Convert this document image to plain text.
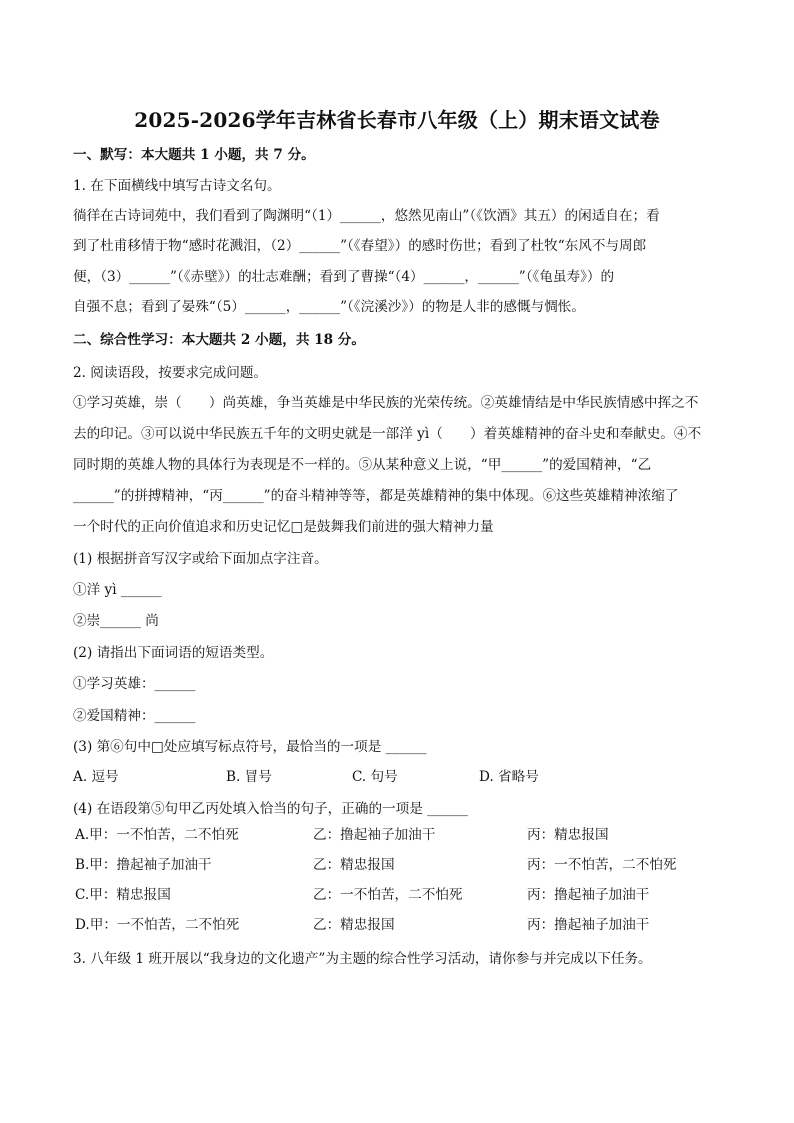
2025-2026学年吉林省长春市八年级（上）期末语文试卷
一、默写：本大题共 1 小题，共 7 分。
1. 在下面横线中填写古诗文名句。
徜徉在古诗词苑中，我们看到了陶渊明“（1）______，悠然见南山”（《饮酒》其五）的闲适自在；看
到了杜甫移情于物“感时花溅泪，（2）______”（《春望》）的感时伤世；看到了杜牧“东风不与周郎
便，（3）______”（《赤壁》）的壮志难酬；看到了曹操“（4）______，______”（《龟虽寿》）的
自强不息；看到了晏殊“（5）______，______”（《浣溪沙》）的物是人非的感慨与惆怅。
二、综合性学习：本大题共 2 小题，共 18 分。
2. 阅读语段，按要求完成问题。
①学习英雄，崇（　　）尚英雄，争当英雄是中华民族的光荣传统。②英雄情结是中华民族情感中挥之不
去的印记。③可以说中华民族五千年的文明史就是一部洋 yì（　　）着英雄精神的奋斗史和奉献史。④不
同时期的英雄人物的具体行为表现是不一样的。⑤从某种意义上说，“甲______”的爱国精神，“乙
______”的拼搏精神，“丙______”的奋斗精神等等，都是英雄精神的集中体现。⑥这些英雄精神浓缩了
一个时代的正向价值追求和历史记忆□是鼓舞我们前进的强大精神力量
(1) 根据拼音写汉字或给下面加点字注音。
①洋 yì ______
②崇______ 尚
(2) 请指出下面词语的短语类型。
①学习英雄：______
②爱国精神：______
(3) 第⑥句中□处应填写标点符号，最恰当的一项是 ______
A. 逗号	B. 冒号	C. 句号	D. 省略号
(4) 在语段第⑤句甲乙丙处填入恰当的句子，正确的一项是 ______
A.甲：一不怕苦，二不怕死	乙：撸起袖子加油干	丙：精忠报国
B.甲：撸起袖子加油干	乙：精忠报国	丙：一不怕苦，二不怕死
C.甲：精忠报国	乙：一不怕苦，二不怕死	丙：撸起袖子加油干
D.甲：一不怕苦，二不怕死	乙：精忠报国	丙：撸起袖子加油干
3. 八年级 1 班开展以“我身边的文化遗产”为主题的综合性学习活动，请你参与并完成以下任务。
